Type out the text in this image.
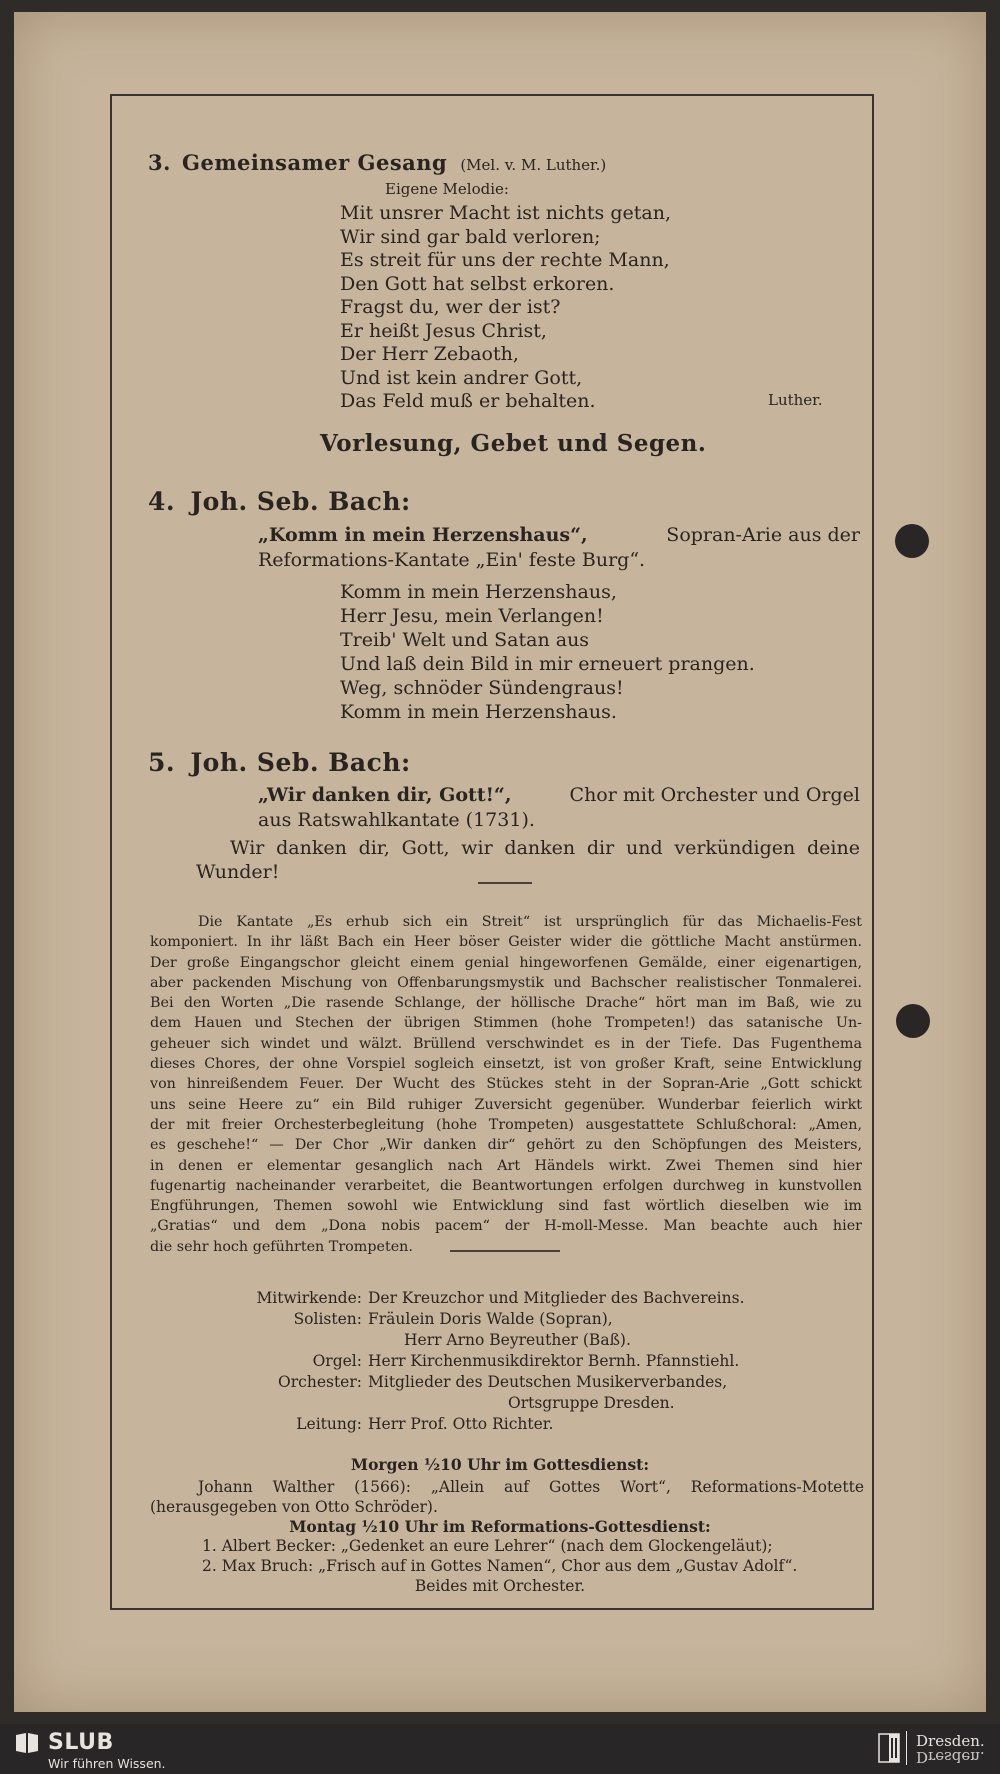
3. Gemeinsamer Gesang (Mel. v. M. Luther.)
Eigene Melodie:
Mit unsrer Macht ist nichts getan,
Wir sind gar bald verloren;
Es streit für uns der rechte Mann,
Den Gott hat selbst erkoren.
Fragst du, wer der ist?
Er heißt Jesus Christ,
Der Herr Zebaoth,
Und ist kein andrer Gott,
Das Feld muß er behalten.	Luther.
Vorlesung, Gebet und Segen.
4. Joh. Seb. Bach:
„Komm in mein Herzenshaus“,	Sopran-Arie aus der
Reformations-Kantate „Ein' feste Burg“.
Komm in mein Herzenshaus,
Herr Jesu, mein Verlangen!
Treib' Welt und Satan aus
Und laß dein Bild in mir erneuert prangen.
Weg, schnöder Sündengraus!
Komm in mein Herzenshaus.
5. Joh. Seb. Bach:
„Wir danken dir, Gott!“,	Chor mit Orchester und Orgel
aus Ratswahlkantate (1731).
Wir danken dir, Gott, wir danken dir und verkündigen deine
Wunder!
Die Kantate „Es erhub sich ein Streit“ ist ursprünglich für das Michaelis-Fest
komponiert. In ihr läßt Bach ein Heer böser Geister wider die göttliche Macht anstürmen.
Der große Eingangschor gleicht einem genial hingeworfenen Gemälde, einer eigenartigen,
aber packenden Mischung von Offenbarungsmystik und Bachscher realistischer Tonmalerei.
Bei den Worten „Die rasende Schlange, der höllische Drache“ hört man im Baß, wie zu
dem Hauen und Stechen der übrigen Stimmen (hohe Trompeten!) das satanische Un-
geheuer sich windet und wälzt. Brüllend verschwindet es in der Tiefe. Das Fugenthema
dieses Chores, der ohne Vorspiel sogleich einsetzt, ist von großer Kraft, seine Entwicklung
von hinreißendem Feuer. Der Wucht des Stückes steht in der Sopran-Arie „Gott schickt
uns seine Heere zu“ ein Bild ruhiger Zuversicht gegenüber. Wunderbar feierlich wirkt
der mit freier Orchesterbegleitung (hohe Trompeten) ausgestattete Schlußchoral: „Amen,
es geschehe!“ — Der Chor „Wir danken dir“ gehört zu den Schöpfungen des Meisters,
in denen er elementar gesanglich nach Art Händels wirkt. Zwei Themen sind hier
fugenartig nacheinander verarbeitet, die Beantwortungen erfolgen durchweg in kunstvollen
Engführungen, Themen sowohl wie Entwicklung sind fast wörtlich dieselben wie im
„Gratias“ und dem „Dona nobis pacem“ der H-moll-Messe. Man beachte auch hier
die sehr hoch geführten Trompeten.
Mitwirkende: Der Kreuzchor und Mitglieder des Bachvereins.
Solisten: Fräulein Doris Walde (Sopran),
Herr Arno Beyreuther (Baß).
Orgel: Herr Kirchenmusikdirektor Bernh. Pfannstiehl.
Orchester: Mitglieder des Deutschen Musikerverbandes,
Ortsgruppe Dresden.
Leitung: Herr Prof. Otto Richter.
Morgen ½10 Uhr im Gottesdienst:
Johann Walther (1566): „Allein auf Gottes Wort“, Reformations-Motette
(herausgegeben von Otto Schröder).
Montag ½10 Uhr im Reformations-Gottesdienst:
1. Albert Becker: „Gedenket an eure Lehrer“ (nach dem Glockengeläut);
2. Max Bruch: „Frisch auf in Gottes Namen“, Chor aus dem „Gustav Adolf“.
Beides mit Orchester.
SLUB
Wir führen Wissen.
Dresden.
Dresden.
